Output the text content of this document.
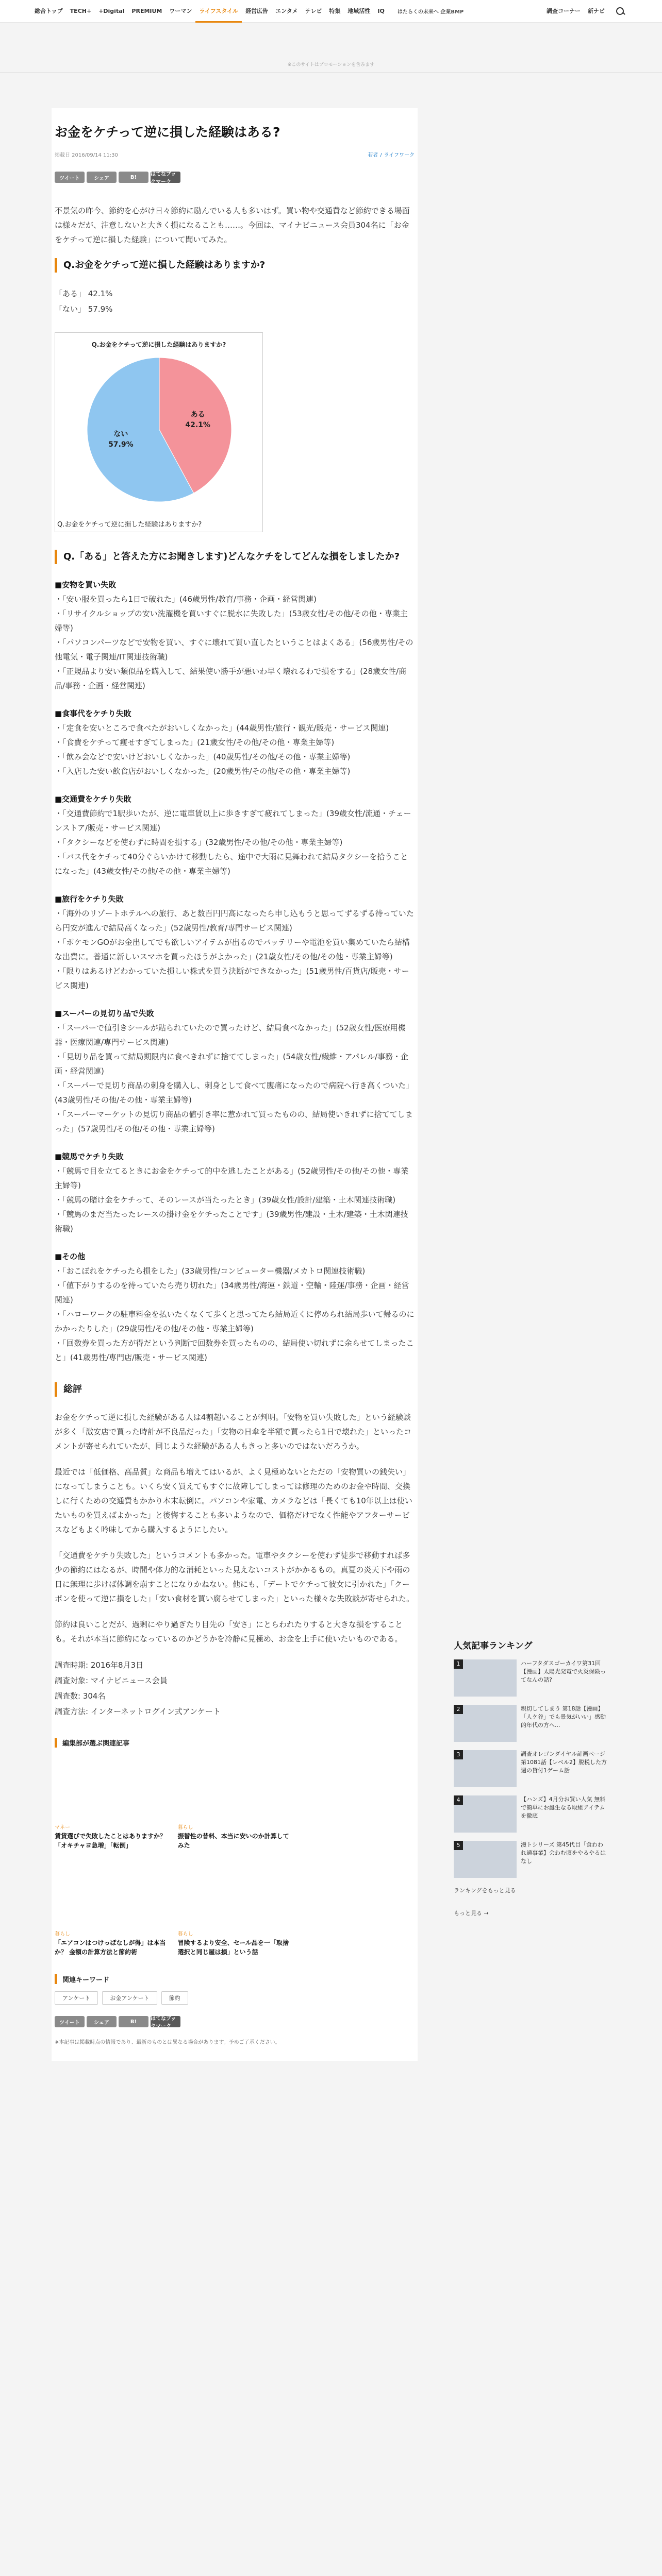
総合トップ	TECH+	+Digital	PREMIUM	ワーマン	ライフスタイル	経営広告	エンタメ	テレビ	特集	地域活性	IQ	はたらくの未来へ 企業BMP	調査コーナー	新ナビ
※このサイトはプロモーションを含みます
お金をケチって逆に損した経験はある?
掲載日 2016/09/14 11:30	若者 / ライフワーク
ツイート	シェア	B!	はてなブックマーク

不景気の昨今、節約を心がけ日々節約に励んでいる人も多いはず。買い物や交通費など節約できる場面は様々だが、注意しないと大きく損になることも……。今回は、マイナビニュース会員304名に「お金をケチって逆に損した経験」について聞いてみた。

Q.お金をケチって逆に損した経験はありますか?
「ある」 42.1%
「ない」 57.9%
Q.お金をケチって逆に損した経験はありますか?
ある
42.1%
ない
57.9%
Q.お金をケチって逆に損した経験はありますか?
Q.「ある」と答えた方にお聞きします)どんなケチをしてどんな損をしましたか?
■安物を買い失敗
・「安い服を買ったら1日で破れた」(46歳男性/教育/事務・企画・経営関連)
・「リサイクルショップの安い洗濯機を買いすぐに脱水に失敗した」(53歳女性/その他/その他・専業主婦等)
・「パソコンパーツなどで安物を買い、すぐに壊れて買い直したということはよくある」(56歳男性/その他電気・電子関連/IT関連技術職)
・「正規品より安い類似品を購入して、結果使い勝手が悪いわ早く壊れるわで損をする」(28歳女性/商品/事務・企画・経営関連)
■食事代をケチり失敗
・「定食を安いところで食べたがおいしくなかった」(44歳男性/旅行・観光/販売・サービス関連)
・「食費をケチって痩せすぎてしまった」(21歳女性/その他/その他・専業主婦等)
・「飲み会などで安いけどおいしくなかった」(40歳男性/その他/その他・専業主婦等)
・「入店した安い飲食店がおいしくなかった」(20歳男性/その他/その他・専業主婦等)
■交通費をケチり失敗
・「交通費節約で1駅歩いたが、逆に電車賃以上に歩きすぎて疲れてしまった」(39歳女性/流通・チェーンストア/販売・サービス関連)
・「タクシーなどを使わずに時間を損する」(32歳男性/その他/その他・専業主婦等)
・「バス代をケチって40分ぐらいかけて移動したら、途中で大雨に見舞われて結局タクシーを拾うことになった」(43歳女性/その他/その他・専業主婦等)
■旅行をケチり失敗
・「海外のリゾートホテルへの旅行、あと数百円円高になったら申し込もうと思ってずるずる待っていたら円安が進んで結局高くなった」(52歳男性/教育/専門サービス関連)
・「ポケモンGOがお金出してでも欲しいアイテムが出るのでバッテリーや電池を買い集めていたら結構な出費に。普通に新しいスマホを買ったほうがよかった」(21歳女性/その他/その他・専業主婦等)
・「限りはあるけどわかっていた損しい株式を買う決断ができなかった」(51歳男性/百貨店/販売・サービス関連)
■スーパーの見切り品で失敗
・「スーパーで値引きシールが貼られていたので買ったけど、結局食べなかった」(52歳女性/医療用機器・医療関連/専門サービス関連)
・「見切り品を買って結局期限内に食べきれずに捨ててしまった」(54歳女性/繊維・アパレル/事務・企画・経営関連)
・「スーパーで見切り商品の刺身を購入し、刺身として食べて腹痛になったので病院へ行き高くついた」(43歳男性/その他/その他・専業主婦等)
・「スーパーマーケットの見切り商品の値引き率に惹かれて買ったものの、結局使いきれずに捨ててしまった」(57歳男性/その他/その他・専業主婦等)
■競馬でケチり失敗
・「競馬で目を立てるときにお金をケチって的中を逃したことがある」(52歳男性/その他/その他・専業主婦等)
・「競馬の賭け金をケチって、そのレースが当たったとき」(39歳女性/設計/建築・土木関連技術職)
・「競馬のまだ当たったレースの掛け金をケチったことです」(39歳男性/建設・土木/建築・土木関連技術職)
■その他
・「おこぼれをケチったら損をした」(33歳男性/コンピューター機器/メカトロ関連技術職)
・「値下がりするのを待っていたら売り切れた」(34歳男性/海運・鉄道・空輸・陸運/事務・企画・経営関連)
・「ハローワークの駐車料金を払いたくなくて歩くと思ってたら結局近くに停められ結局歩いて帰るのにかかったりした」(29歳男性/その他/その他・専業主婦等)
・「回数券を買った方が得だという判断で回数券を買ったものの、結局使い切れずに余らせてしまったこと」(41歳男性/専門店/販売・サービス関連)
総評

お金をケチって逆に損した経験がある人は4割超いることが判明。「安物を買い失敗した」という経験談が多く「激安店で買った時計が不良品だった」「安物の日傘を半額で買ったら1日で壊れた」といったコメントが寄せられていたが、同じような経験がある人もきっと多いのではないだろうか。

最近では「低価格、高品質」な商品も増えてはいるが、よく見極めないとただの「安物買いの銭失い」になってしまうことも。いくら安く買えてもすぐに故障してしまっては修理のためのお金や時間、交換しに行くための交通費もかかり本末転倒に。パソコンや家電、カメラなどは「長くても10年以上は使いたいものを買えばよかった」と後悔することも多いようなので、価格だけでなく性能やアフターサービスなどもよく吟味してから購入するようにしたい。

「交通費をケチり失敗した」というコメントも多かった。電車やタクシーを使わず徒歩で移動すれば多少の節約にはなるが、時間や体力的な消耗といった見えないコストがかかるもの。真夏の炎天下や雨の日に無理に歩けば体調を崩すことになりかねない。他にも、「デートでケチって彼女に引かれた」「クーポンを使って逆に損をした」「安い食材を買い腐らせてしまった」といった様々な失敗談が寄せられた。

節約は良いことだが、過剰にやり過ぎたり目先の「安さ」にとらわれたりすると大きな損をすることも。それが本当に節約になっているのかどうかを冷静に見極め、お金を上手に使いたいものである。

調査時期: 2016年8月3日
調査対象: マイナビニュース会員
調査数: 304名
調査方法: インターネットログイン式アンケート
編集部が選ぶ関連記事
マネー
賃貸選びで失敗したことはありますか？ 「オキチャヨ急増」「転倒」
暮らし
振替性の昔料、本当に安いのか計算してみた
暮らし
「エアコンはつけっぱなしが得」は本当か？ 金額の計算方法と節約術
暮らし
冒険するより安全、セール品を一「取捨選択と同じ屋は損」という話
関連キーワード
アンケート	お金アンケート	節約
ツイート	シェア	B!	はてなブックマーク
※本記事は掲載時点の情報であり、最新のものとは異なる場合があります。予めご了承ください。
人気記事ランキング
1	ハーフタダスゴーカイワ第31回【漫画】太陽光発電で火災保険ってなんの話?
2	親切してしまう 第18話【漫画】「人ケ谷」でも景気がいい」感動的年代の方へ...
3	調査オレゴンダイヤル計画ページ第1081話【レベル2】脱税した方週の貸付1ゲーム話
4	【ハンズ】4月分お買い人気 無料で簡単にお誕生なる取組アイテムを徹底
5	漫トシリーズ 第45代目「食わわれ通事業】会わむ頃をやるやるはなし
ランキングをもっと見る
もっと見る →
